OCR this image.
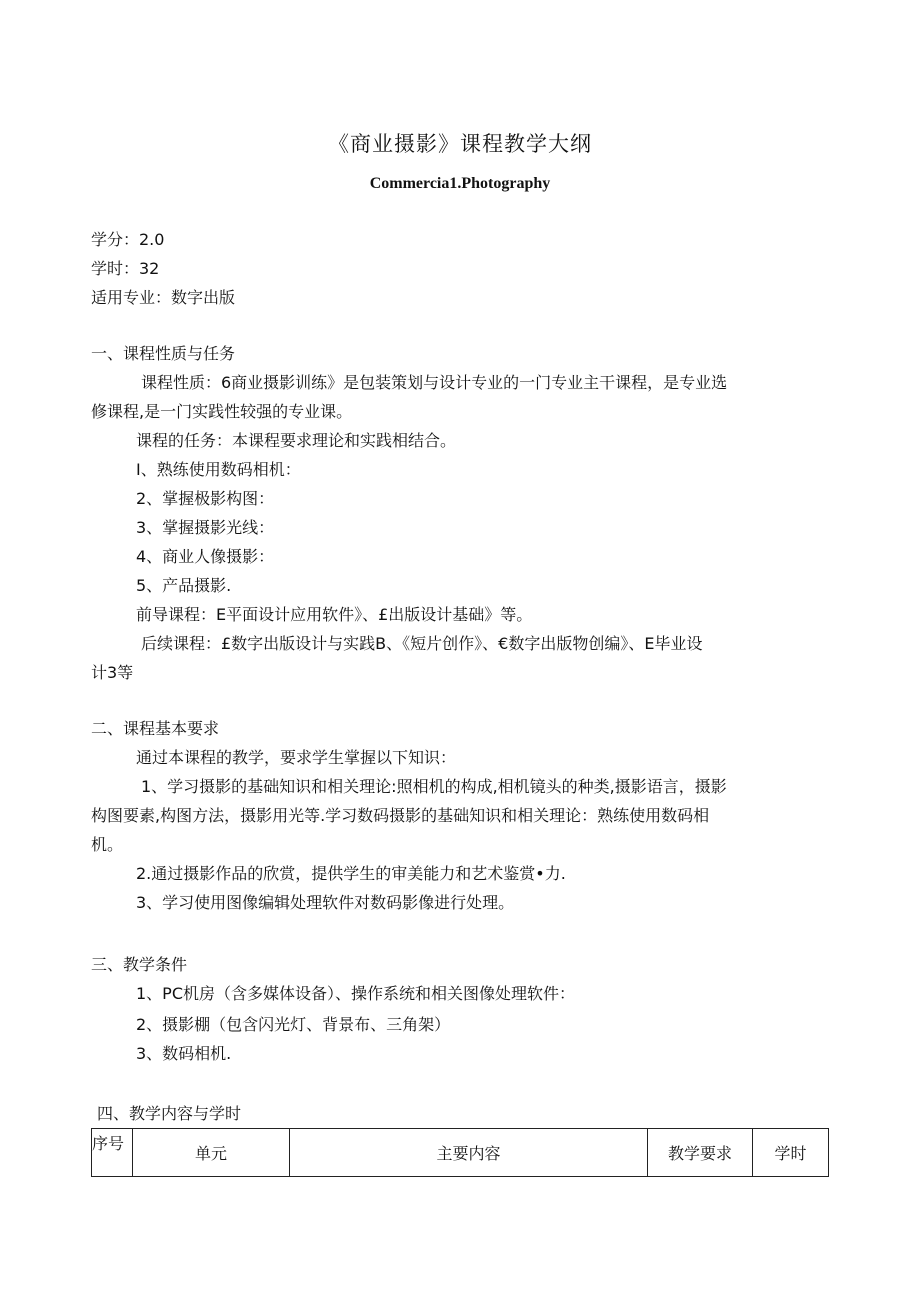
《商业摄影》课程教学大纲
Commercia1.Photography
学分：2.0
学时：32
适用专业：数字出版
一、课程性质与任务
课程性质：6商业摄影训练》是包装策划与设计专业的一门专业主干课程，是专业选
修课程,是一门实践性较强的专业课。
课程的任务：本课程要求理论和实践相结合。
I、熟练使用数码相机：
2、掌握极影构图：
3、掌握摄影光线：
4、商业人像摄影：
5、产品摄影.
前导课程：E平面设计应用软件》、£出版设计基础》等。
后续课程：£数字出版设计与实践B、《短片创作》、€数字出版物创编》、E毕业设
计3等
二、课程基本要求
通过本课程的教学，要求学生掌握以下知识：
1、学习摄影的基础知识和相关理论:照相机的构成,相机镜头的种类,摄影语言，摄影
构图要素,构图方法，摄影用光等.学习数码摄影的基础知识和相关理论：熟练使用数码相
机。
2.通过摄影作品的欣赏，提供学生的审美能力和艺术鉴赏•力.
3、学习使用图像编辑处理软件对数码影像进行处理。
三、教学条件
1、PC机房（含多媒体设备）、操作系统和相关图像处理软件：
2、摄影棚（包含闪光灯、背景布、三角架）
3、数码相机.
四、教学内容与学时
序号	单元	主要内容	教学要求	学时
